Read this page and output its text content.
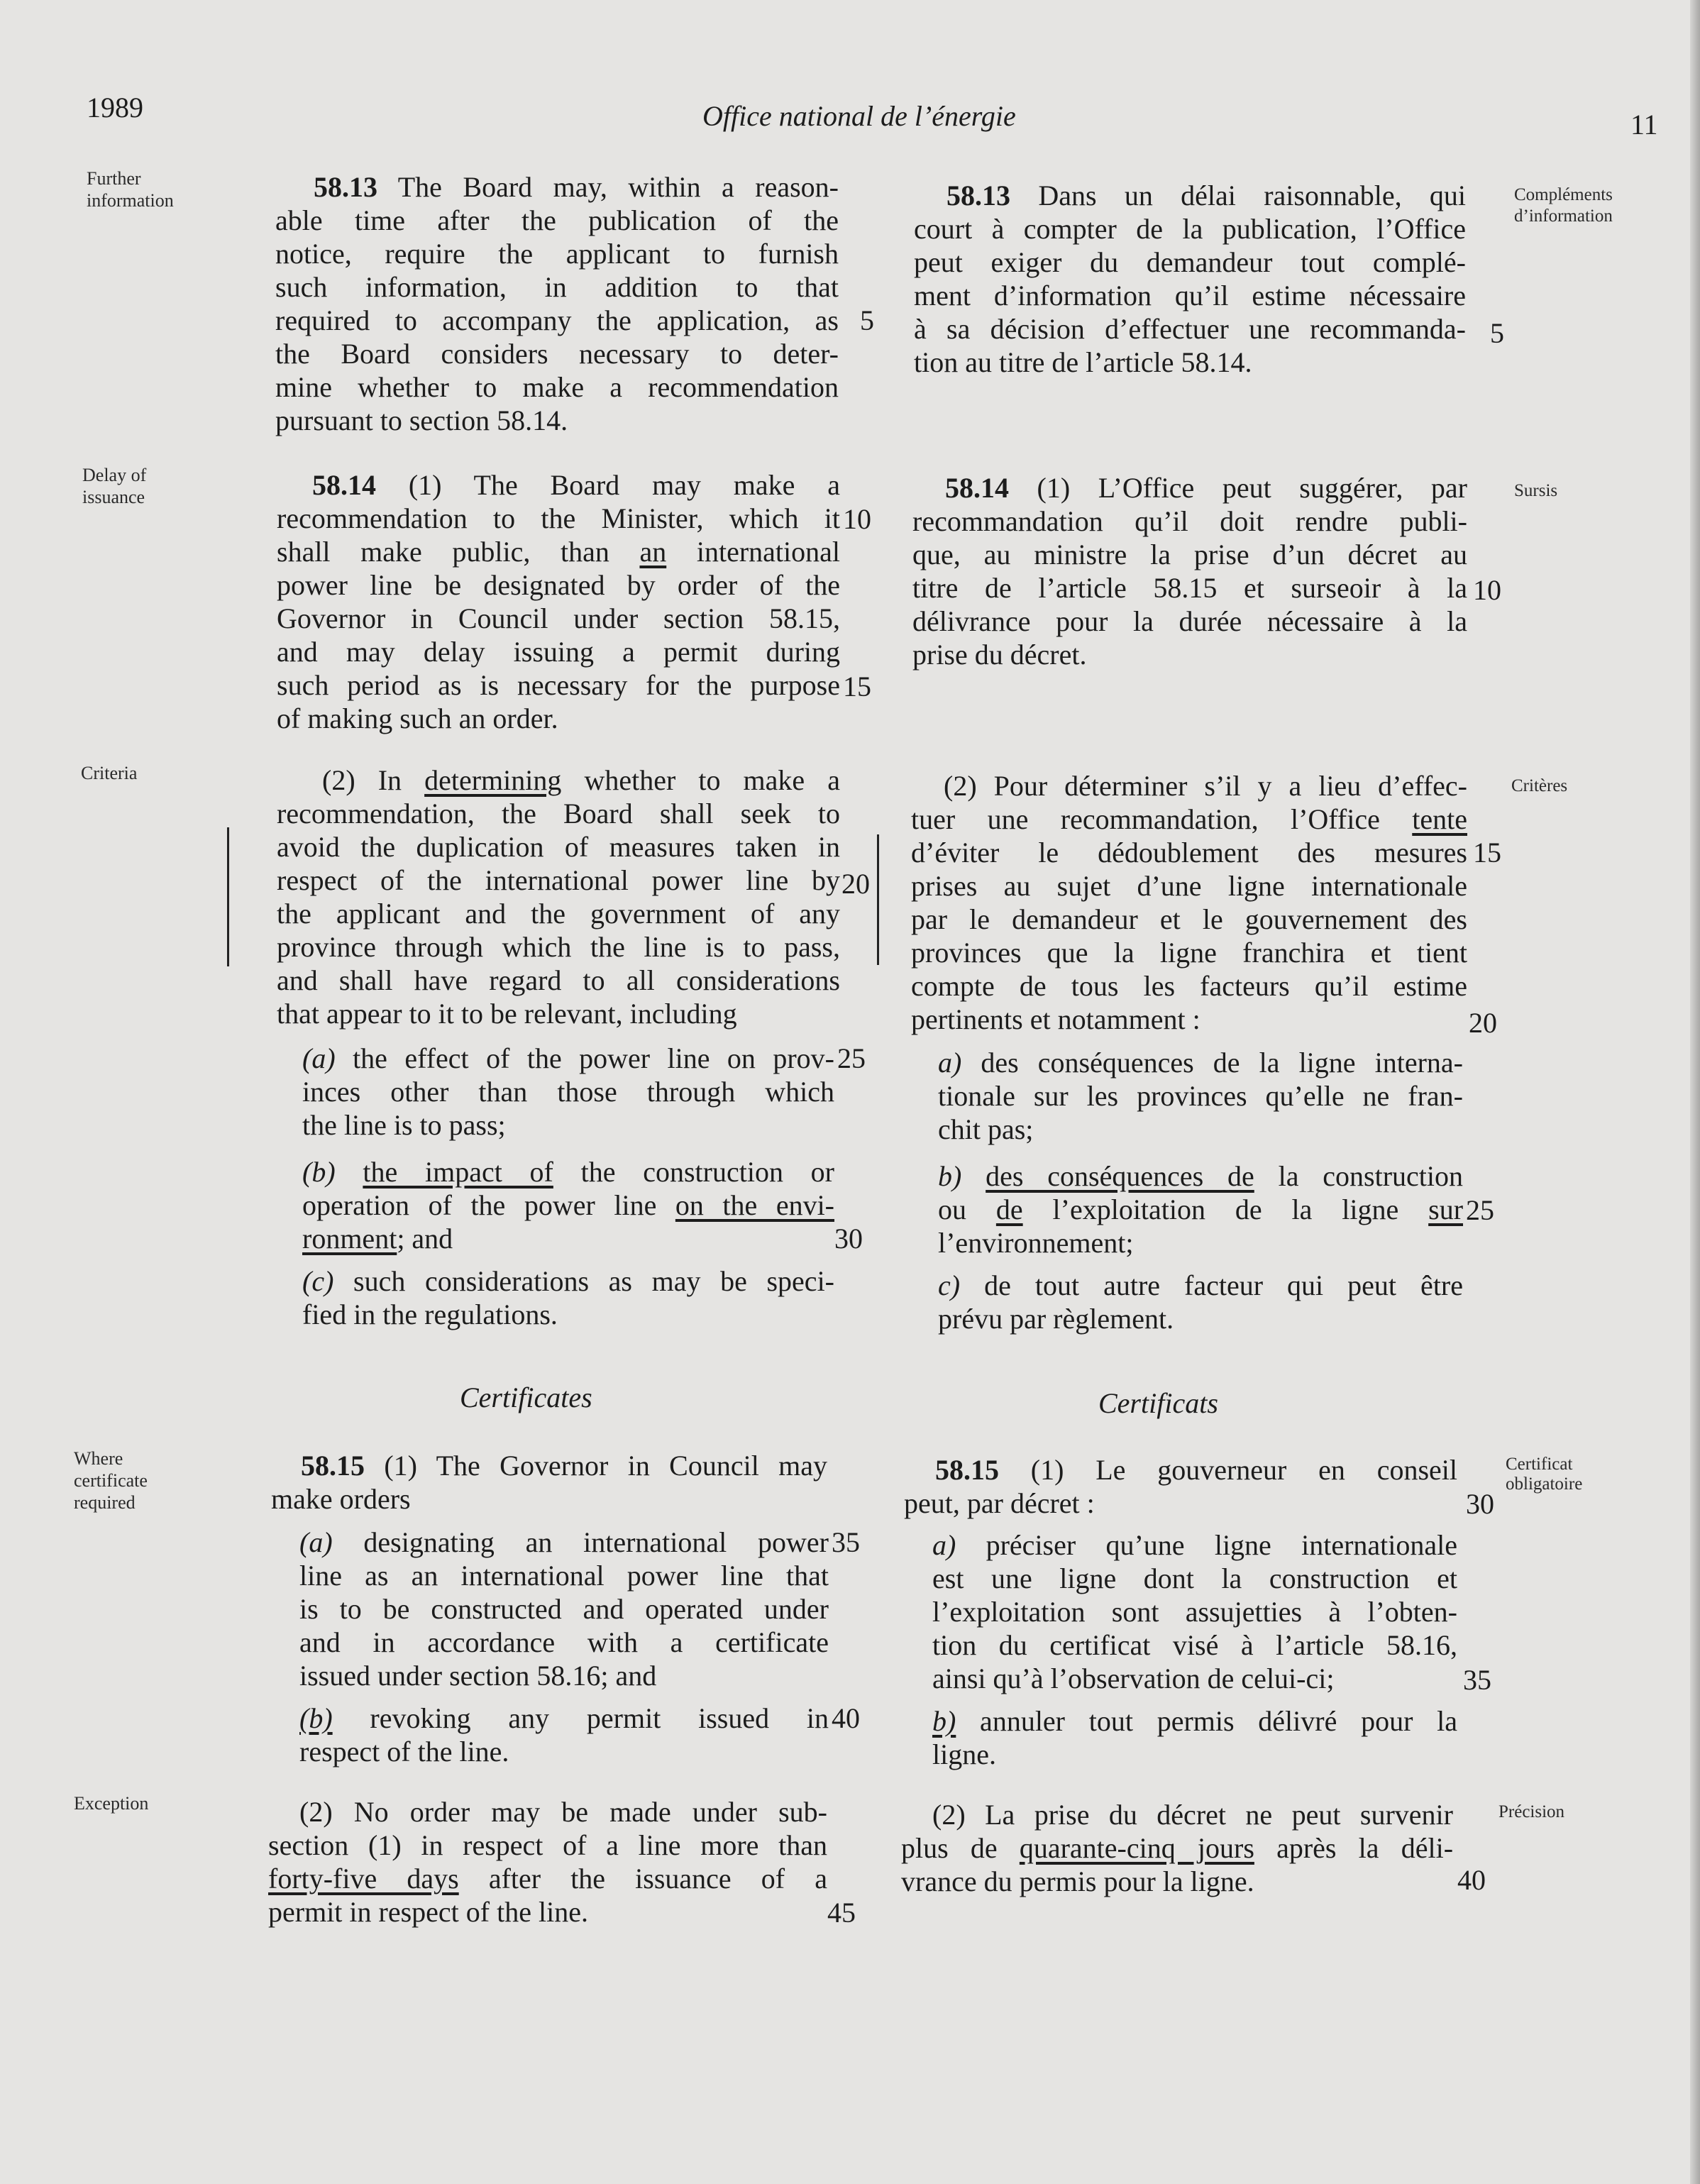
1989	Office national de l’énergie	11
Further
information
Delay of
issuance
Criteria
Where
certificate
required
Exception
Compléments
d’information
Sursis
Critères
Certificat
obligatoire
Précision
58.13 The Board may, within a reason-
able time after the publication of the
notice, require the applicant to furnish
such information, in addition to that
required to accompany the application, as
the Board considers necessary to deter-
mine whether to make a recommendation
pursuant to section 58.14.
58.14 (1) The Board may make a
recommendation to the Minister, which it
shall make public, than an international
power line be designated by order of the
Governor in Council under section 58.15,
and may delay issuing a permit during
such period as is necessary for the purpose
of making such an order.
(2) In determining whether to make a
recommendation, the Board shall seek to
avoid the duplication of measures taken in
respect of the international power line by
the applicant and the government of any
province through which the line is to pass,
and shall have regard to all considerations
that appear to it to be relevant, including
(a) the effect of the power line on prov-
inces other than those through which
the line is to pass;
(b) the impact of the construction or
operation of the power line on the envi-
ronment; and
(c) such considerations as may be speci-
fied in the regulations.
Certificates
58.15 (1) The Governor in Council may
make orders
(a) designating an international power
line as an international power line that
is to be constructed and operated under
and in accordance with a certificate
issued under section 58.16; and
(b) revoking any permit issued in
respect of the line.
(2) No order may be made under sub-
section (1) in respect of a line more than
forty-five days after the issuance of a
permit in respect of the line.
5
10
15
20
25
30
35
40
45
58.13 Dans un délai raisonnable, qui
court à compter de la publication, l’Office
peut exiger du demandeur tout complé-
ment d’information qu’il estime nécessaire
à sa décision d’effectuer une recommanda-
tion au titre de l’article 58.14.
58.14 (1) L’Office peut suggérer, par
recommandation qu’il doit rendre publi-
que, au ministre la prise d’un décret au
titre de l’article 58.15 et surseoir à la
délivrance pour la durée nécessaire à la
prise du décret.
(2) Pour déterminer s’il y a lieu d’effec-
tuer une recommandation, l’Office tente
d’éviter le dédoublement des mesures
prises au sujet d’une ligne internationale
par le demandeur et le gouvernement des
provinces que la ligne franchira et tient
compte de tous les facteurs qu’il estime
pertinents et notamment :
a) des conséquences de la ligne interna-
tionale sur les provinces qu’elle ne fran-
chit pas;
b) des conséquences de la construction
ou de l’exploitation de la ligne sur
l’environnement;
c) de tout autre facteur qui peut être
prévu par règlement.
Certificats
58.15 (1) Le gouverneur en conseil
peut, par décret :
a) préciser qu’une ligne internationale
est une ligne dont la construction et
l’exploitation sont assujetties à l’obten-
tion du certificat visé à l’article 58.16,
ainsi qu’à l’observation de celui-ci;
b) annuler tout permis délivré pour la
ligne.
(2) La prise du décret ne peut survenir
plus de quarante-cinq jours après la déli-
vrance du permis pour la ligne.
5
10
15
20
25
30
35
40
